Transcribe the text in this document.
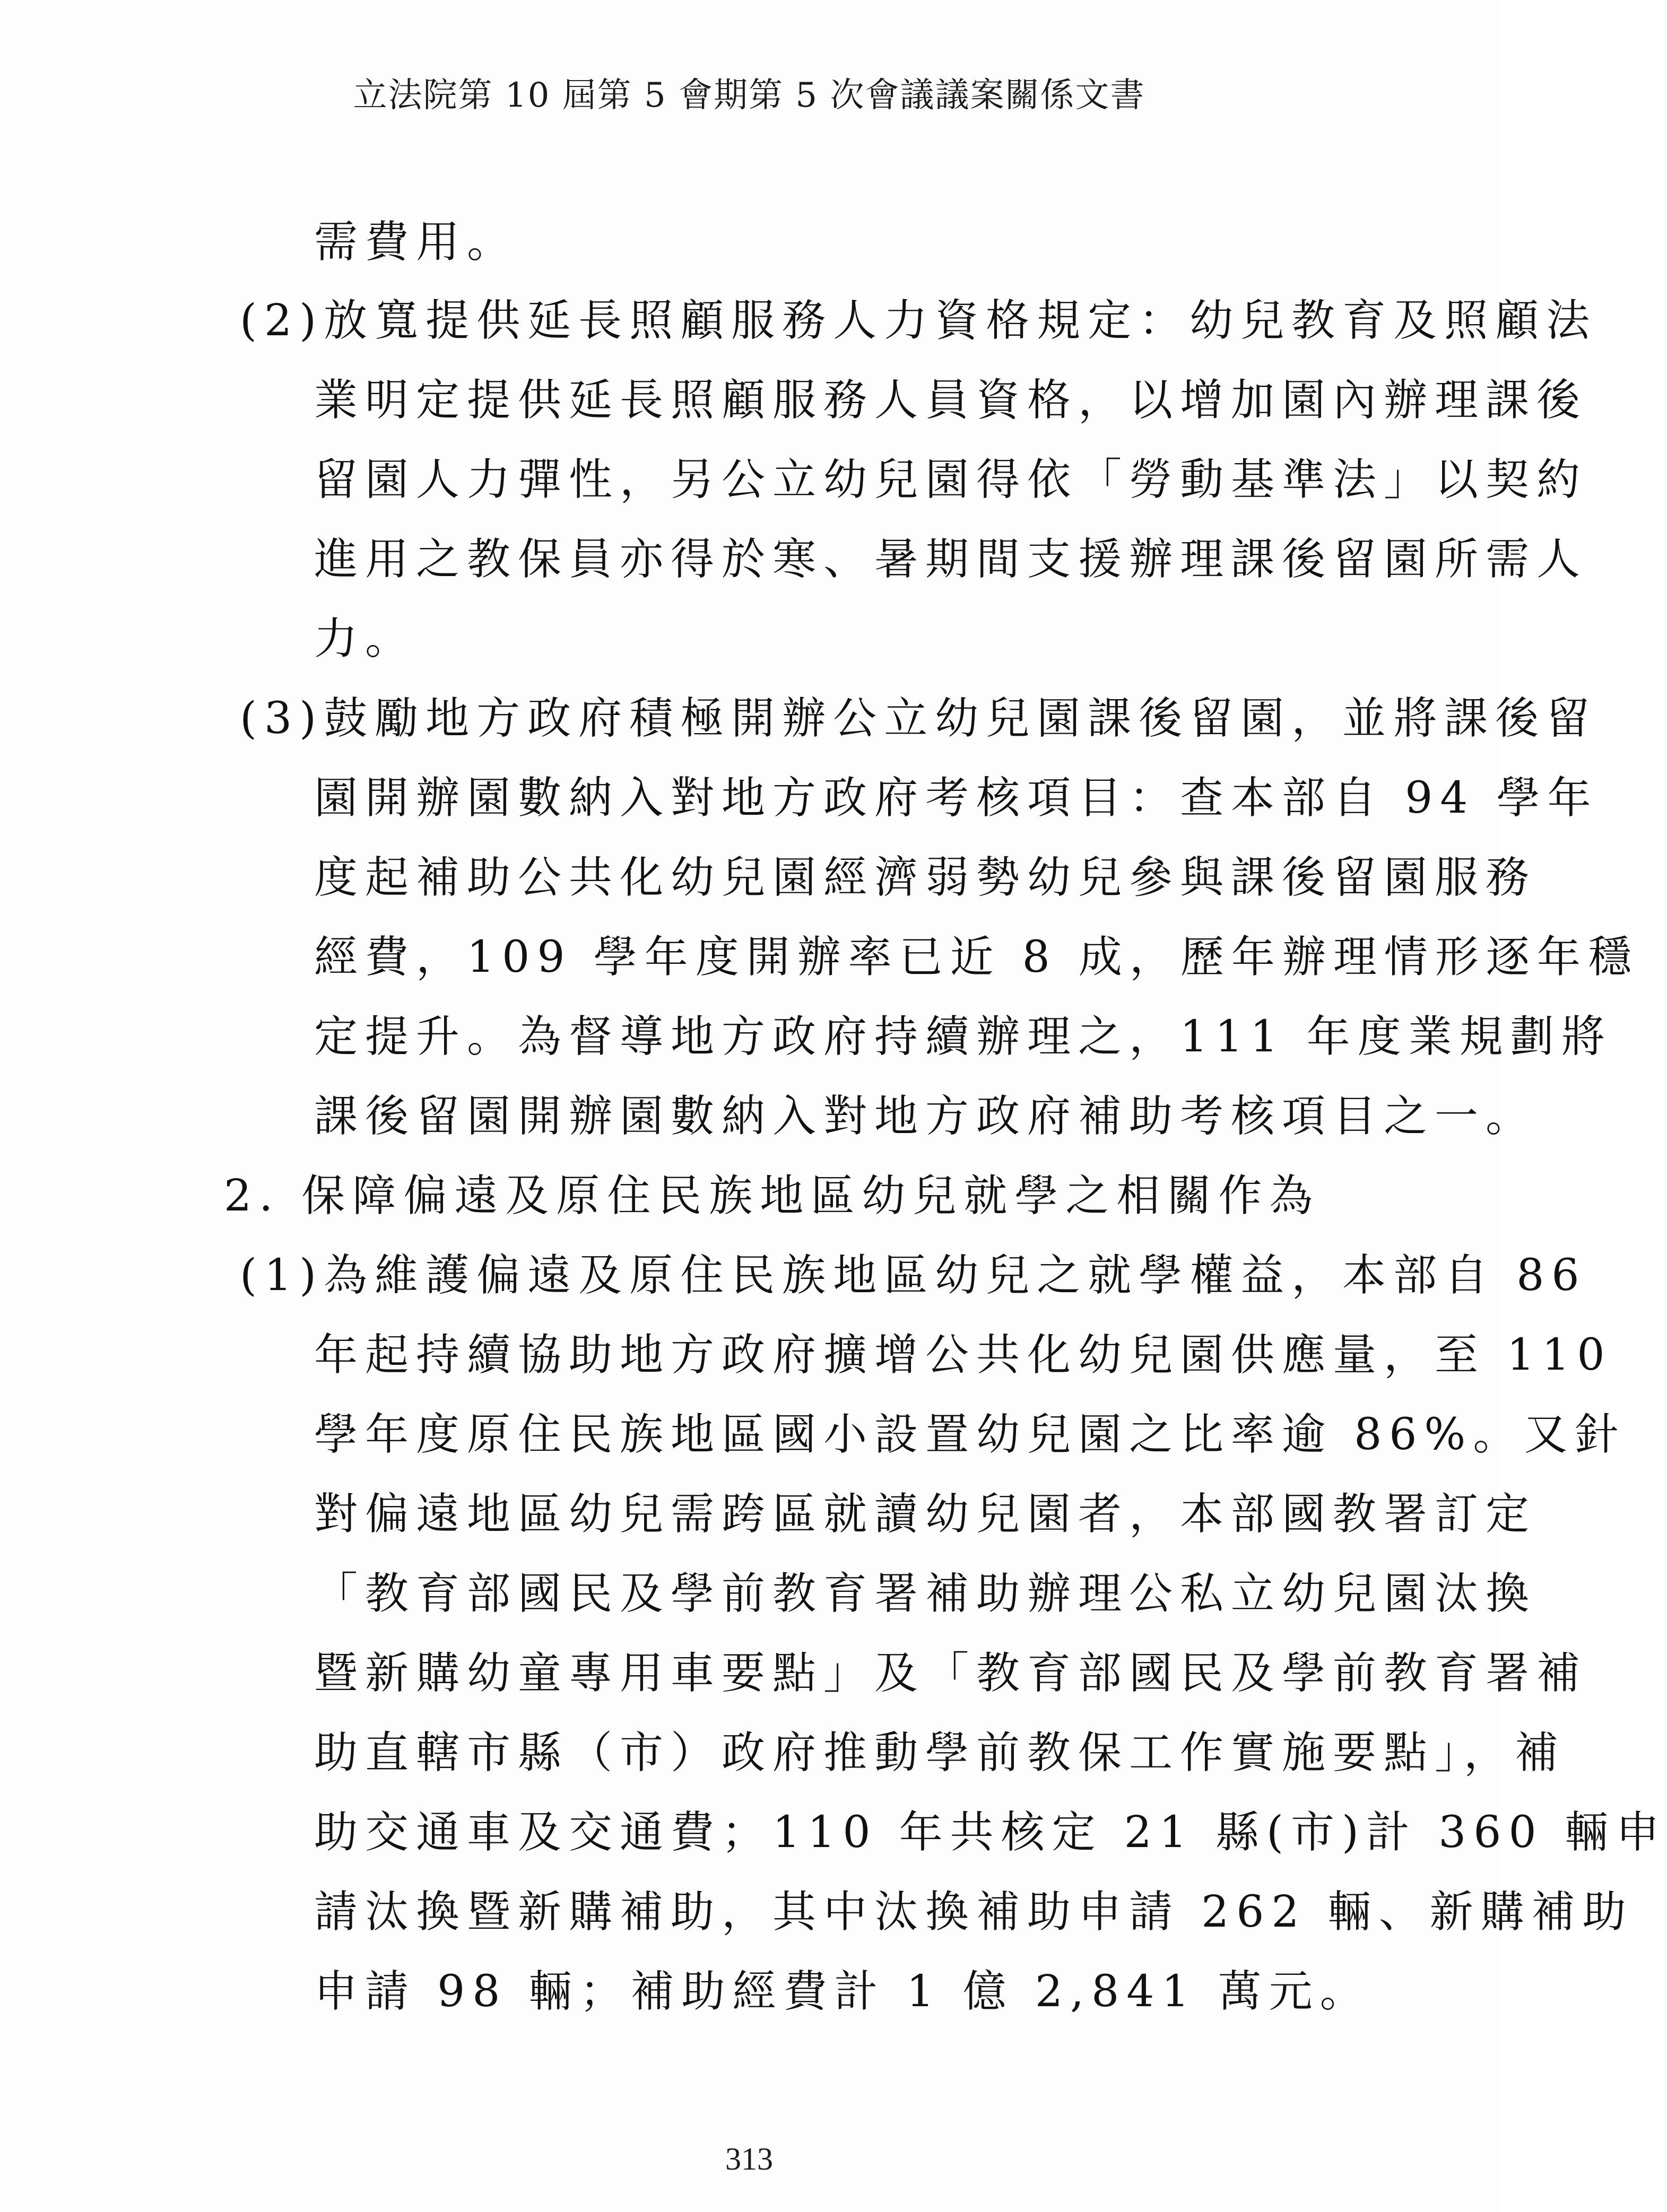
立法院第 10 屆第 5 會期第 5 次會議議案關係文書
需費用。
(2)放寬提供延長照顧服務人力資格規定：幼兒教育及照顧法
業明定提供延長照顧服務人員資格，以增加園內辦理課後
留園人力彈性，另公立幼兒園得依「勞動基準法」以契約
進用之教保員亦得於寒、暑期間支援辦理課後留園所需人
力。
(3)鼓勵地方政府積極開辦公立幼兒園課後留園，並將課後留
園開辦園數納入對地方政府考核項目：查本部自 94 學年
度起補助公共化幼兒園經濟弱勢幼兒參與課後留園服務
經費，109 學年度開辦率已近 8 成，歷年辦理情形逐年穩
定提升。為督導地方政府持續辦理之，111 年度業規劃將
課後留園開辦園數納入對地方政府補助考核項目之一。
2. 保障偏遠及原住民族地區幼兒就學之相關作為
(1)為維護偏遠及原住民族地區幼兒之就學權益，本部自 86
年起持續協助地方政府擴增公共化幼兒園供應量，至 110
學年度原住民族地區國小設置幼兒園之比率逾 86%。又針
對偏遠地區幼兒需跨區就讀幼兒園者，本部國教署訂定
「教育部國民及學前教育署補助辦理公私立幼兒園汰換
暨新購幼童專用車要點」及「教育部國民及學前教育署補
助直轄市縣（市）政府推動學前教保工作實施要點」，補
助交通車及交通費；110 年共核定 21 縣(市)計 360 輛申
請汰換暨新購補助，其中汰換補助申請 262 輛、新購補助
申請 98 輛；補助經費計 1 億 2,841 萬元。
313
